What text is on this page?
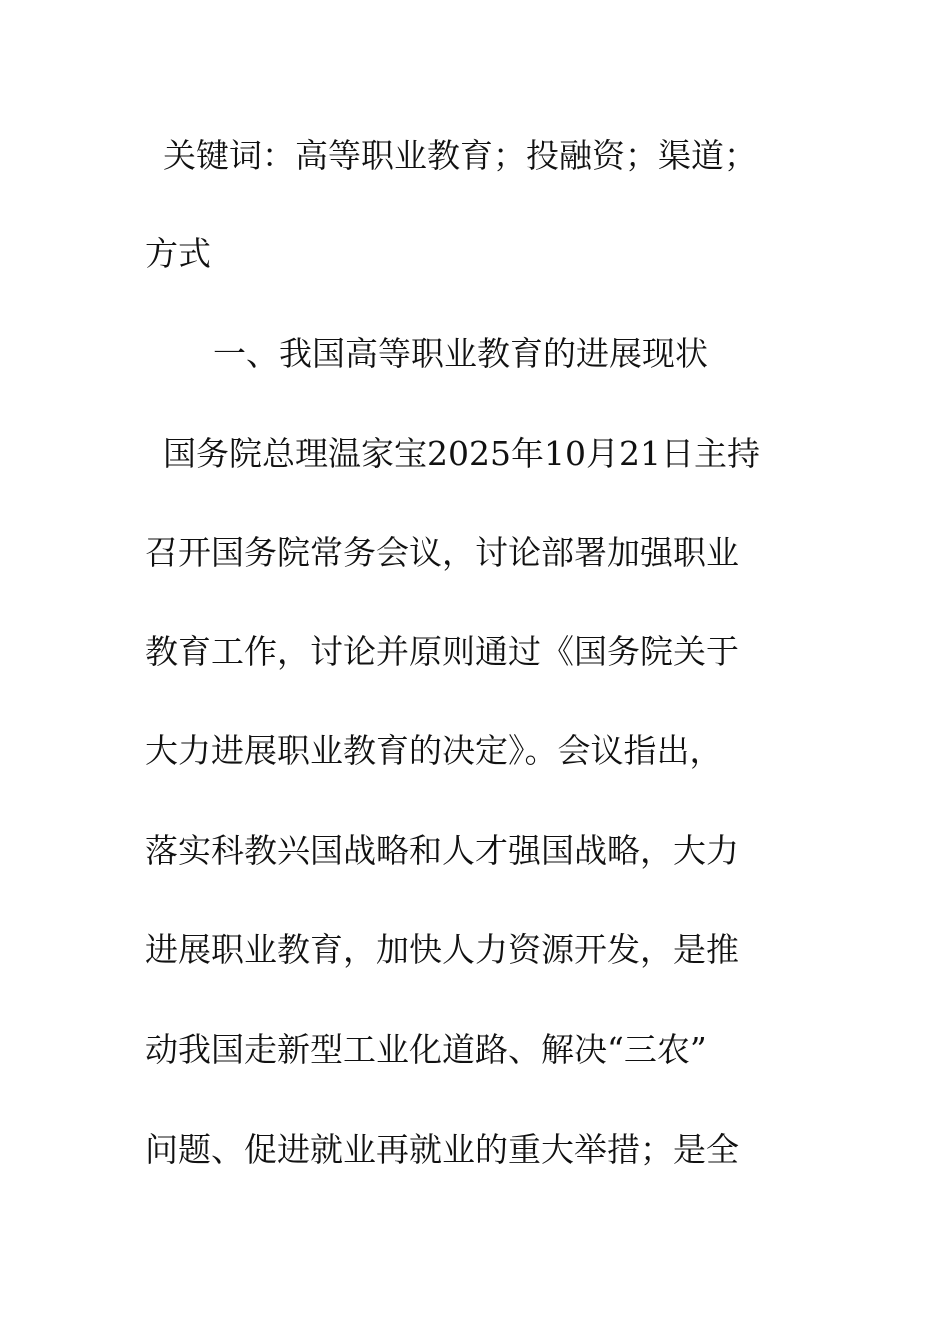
关键词：高等职业教育；投融资；渠道；
方式
一、我国高等职业教育的进展现状
国务院总理温家宝2025年10月21日主持
召开国务院常务会议，讨论部署加强职业
教育工作，讨论并原则通过《国务院关于
大力进展职业教育的决定》。会议指出，
落实科教兴国战略和人才强国战略，大力
进展职业教育，加快人力资源开发，是推
动我国走新型工业化道路、解决“三农”
问题、促进就业再就业的重大举措；是全
